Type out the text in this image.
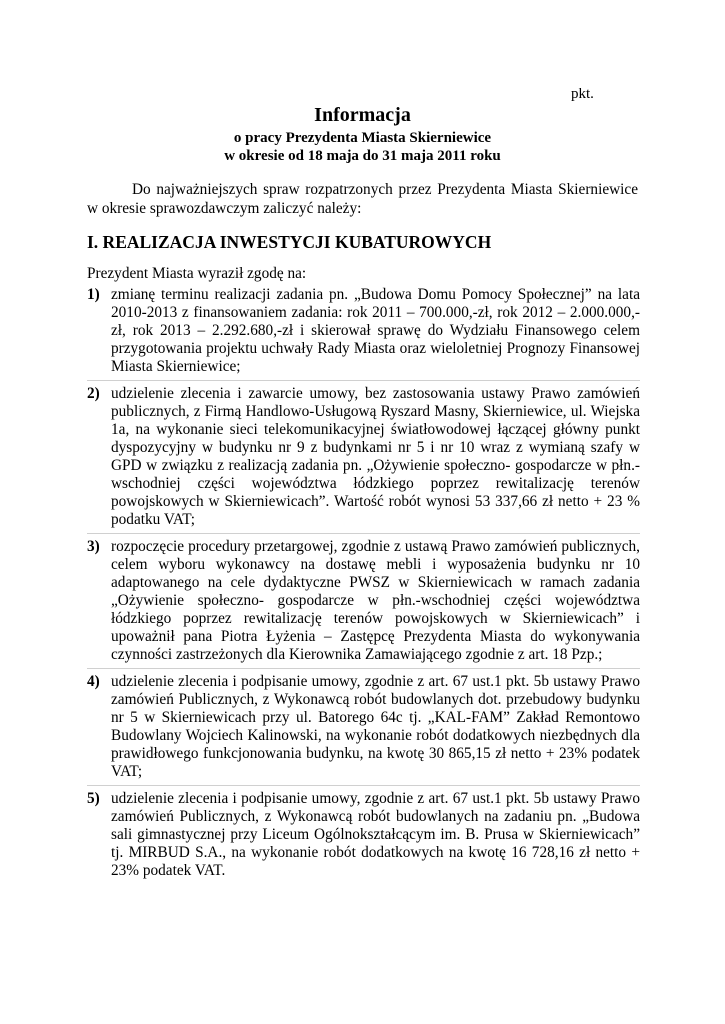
pkt.
Informacja
o pracy Prezydenta Miasta Skierniewice
w okresie od 18 maja do 31 maja 2011 roku
Do najważniejszych spraw rozpatrzonych przez Prezydenta Miasta Skierniewice w okresie sprawozdawczym zaliczyć należy:
I. REALIZACJA INWESTYCJI KUBATUROWYCH
Prezydent Miasta wyraził zgodę na:
1) zmianę terminu realizacji zadania pn. „Budowa Domu Pomocy Społecznej” na lata 2010-2013 z finansowaniem zadania: rok 2011 – 700.000,-zł, rok 2012 – 2.000.000,-zł, rok 2013 – 2.292.680,-zł i skierował sprawę do Wydziału Finansowego celem przygotowania projektu uchwały Rady Miasta oraz wieloletniej Prognozy Finansowej Miasta Skierniewice;
2) udzielenie zlecenia i zawarcie umowy, bez zastosowania ustawy Prawo zamówień publicznych, z Firmą Handlowo-Usługową Ryszard Masny, Skierniewice, ul. Wiejska 1a, na wykonanie sieci telekomunikacyjnej światłowodowej łączącej główny punkt dyspozycyjny w budynku nr 9 z budynkami nr 5 i nr 10 wraz z wymianą szafy w GPD w związku z realizacją zadania pn. „Ożywienie społeczno- gospodarcze w płn.-wschodniej części województwa łódzkiego poprzez rewitalizację terenów powojskowych w Skierniewicach”. Wartość robót wynosi 53 337,66 zł netto + 23 % podatku VAT;
3) rozpoczęcie procedury przetargowej, zgodnie z ustawą Prawo zamówień publicznych, celem wyboru wykonawcy na dostawę mebli i wyposażenia budynku nr 10 adaptowanego na cele dydaktyczne PWSZ w Skierniewicach w ramach zadania „Ożywienie społeczno- gospodarcze w płn.-wschodniej części województwa łódzkiego poprzez rewitalizację terenów powojskowych w Skierniewicach” i upoważnił pana Piotra Łyżenia – Zastępcę Prezydenta Miasta do wykonywania czynności zastrzeżonych dla Kierownika Zamawiającego zgodnie z art. 18 Pzp.;
4) udzielenie zlecenia i podpisanie umowy, zgodnie z art. 67 ust.1 pkt. 5b ustawy Prawo zamówień Publicznych, z Wykonawcą robót budowlanych dot. przebudowy budynku nr 5 w Skierniewicach przy ul. Batorego 64c tj. „KAL-FAM” Zakład Remontowo Budowlany Wojciech Kalinowski, na wykonanie robót dodatkowych niezbędnych dla prawidłowego funkcjonowania budynku, na kwotę 30 865,15 zł netto + 23% podatek VAT;
5) udzielenie zlecenia i podpisanie umowy, zgodnie z art. 67 ust.1 pkt. 5b ustawy Prawo zamówień Publicznych, z Wykonawcą robót budowlanych na zadaniu pn. „Budowa sali gimnastycznej przy Liceum Ogólnokształcącym im. B. Prusa w Skierniewicach” tj. MIRBUD S.A., na wykonanie robót dodatkowych na kwotę 16 728,16 zł netto + 23% podatek VAT.
